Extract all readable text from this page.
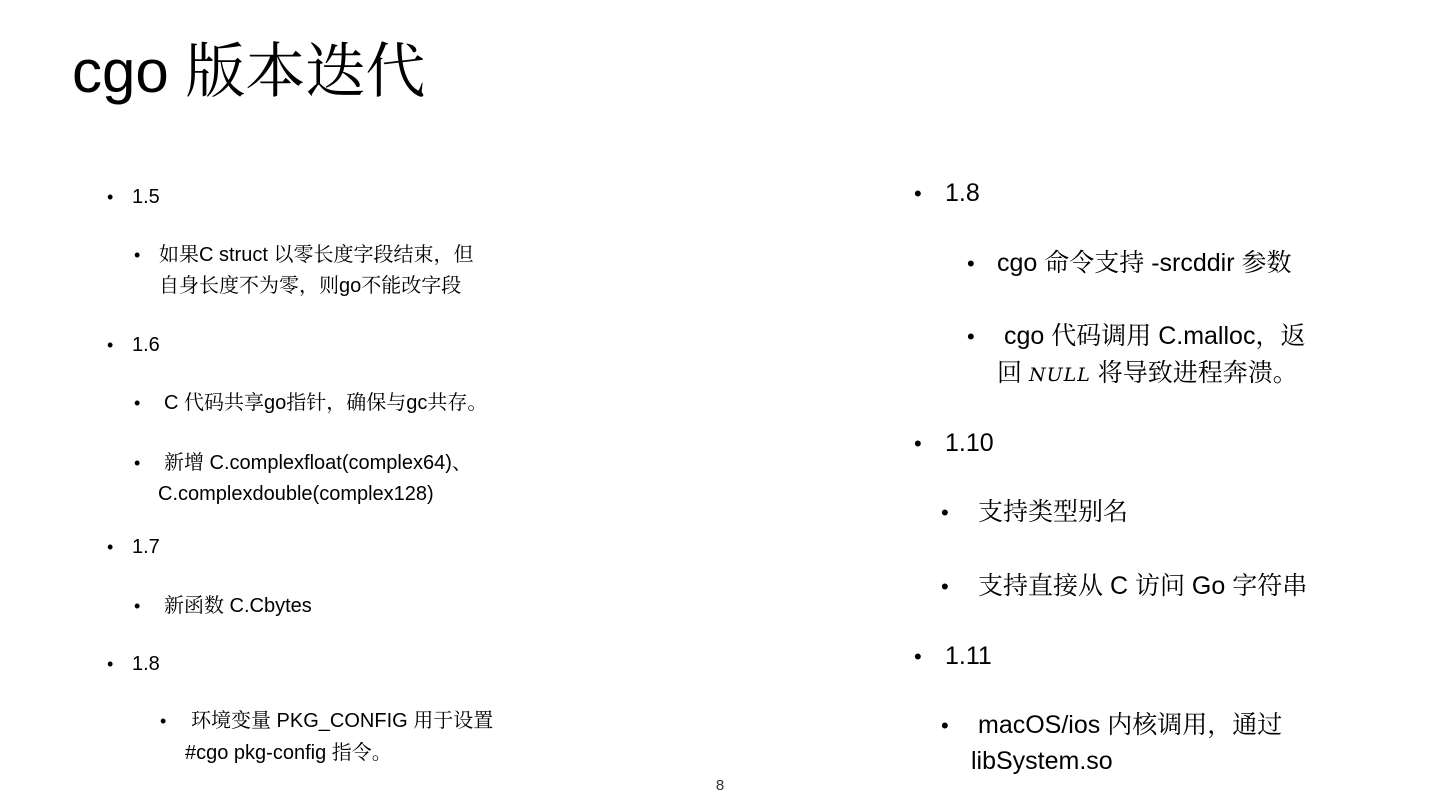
cgo 版本迭代
• 1.5
• 如果C struct 以零长度字段结束，但
自身长度不为零，则go不能改字段
• 1.6
• C 代码共享go指针，确保与gc共存。
• 新增 C.complexfloat(complex64)、
C.complexdouble(complex128)
• 1.7
• 新函数 C.Cbytes
• 1.8
• 环境变量 PKG_CONFIG 用于设置
#cgo pkg-config 指令。
• 1.8
• cgo 命令支持 -srcddir 参数
• cgo 代码调用 C.malloc，返
回 NULL 将导致进程奔溃。
• 1.10
• 支持类型别名
• 支持直接从 C 访问 Go 字符串
• 1.11
• macOS/ios 内核调用，通过
libSystem.so
8
